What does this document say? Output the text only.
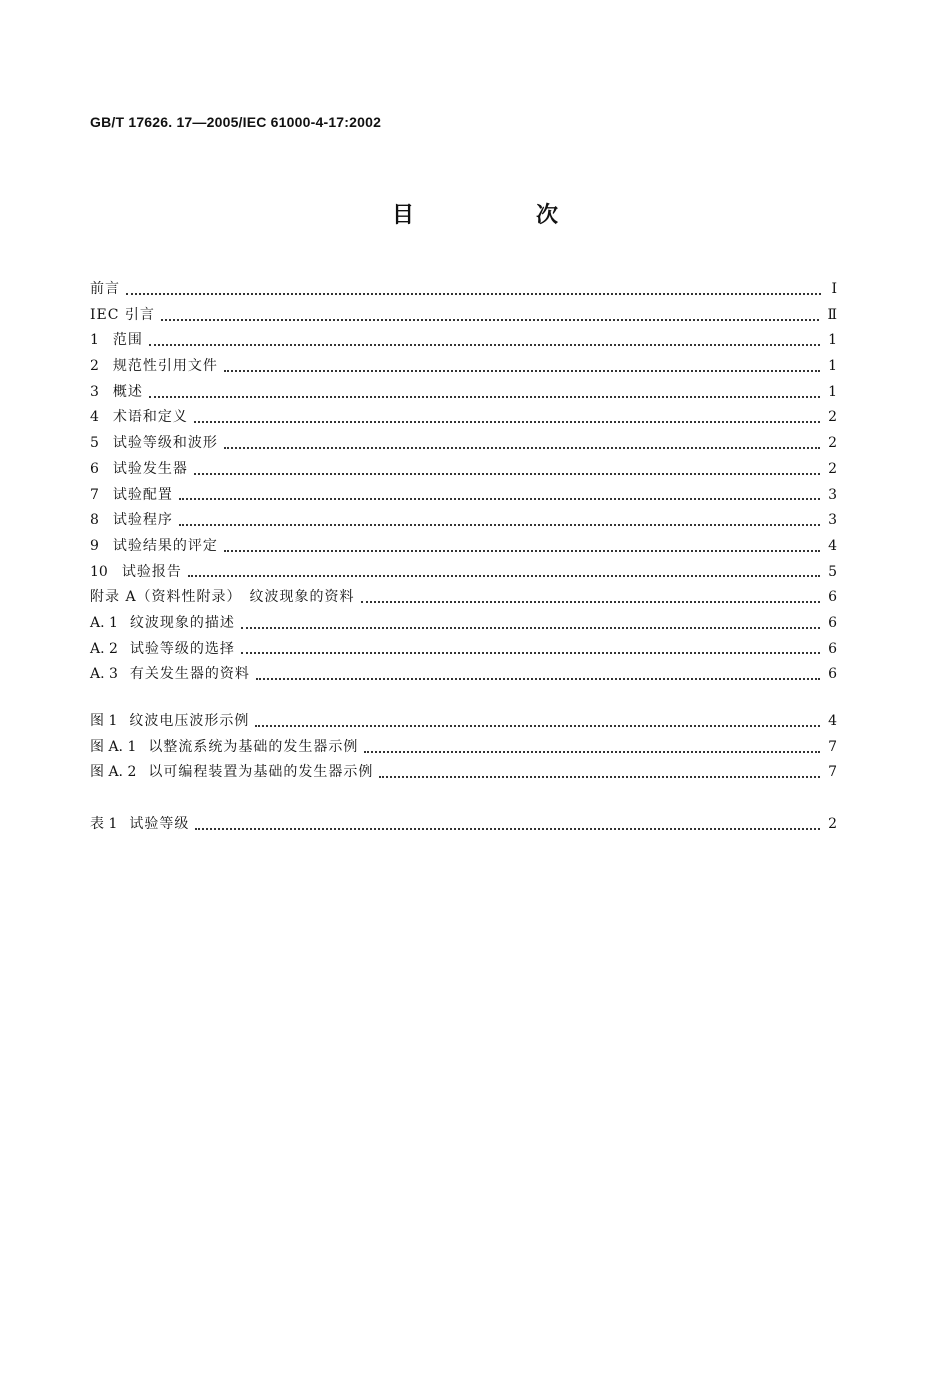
GB/T 17626. 17—2005/IEC 61000-4-17:2002
目　次
前言	I
IEC 引言	Ⅱ
1 范围	1
2 规范性引用文件	1
3 概述	1
4 术语和定义	2
5 试验等级和波形	2
6 试验发生器	2
7 试验配置	3
8 试验程序	3
9 试验结果的评定	4
10 试验报告	5
附录 A（资料性附录）　纹波现象的资料	6
A. 1 纹波现象的描述	6
A. 2 试验等级的选择	6
A. 3 有关发生器的资料	6
图 1 纹波电压波形示例	4
图 A. 1 以整流系统为基础的发生器示例	7
图 A. 2 以可编程装置为基础的发生器示例	7
表 1 试验等级	2
